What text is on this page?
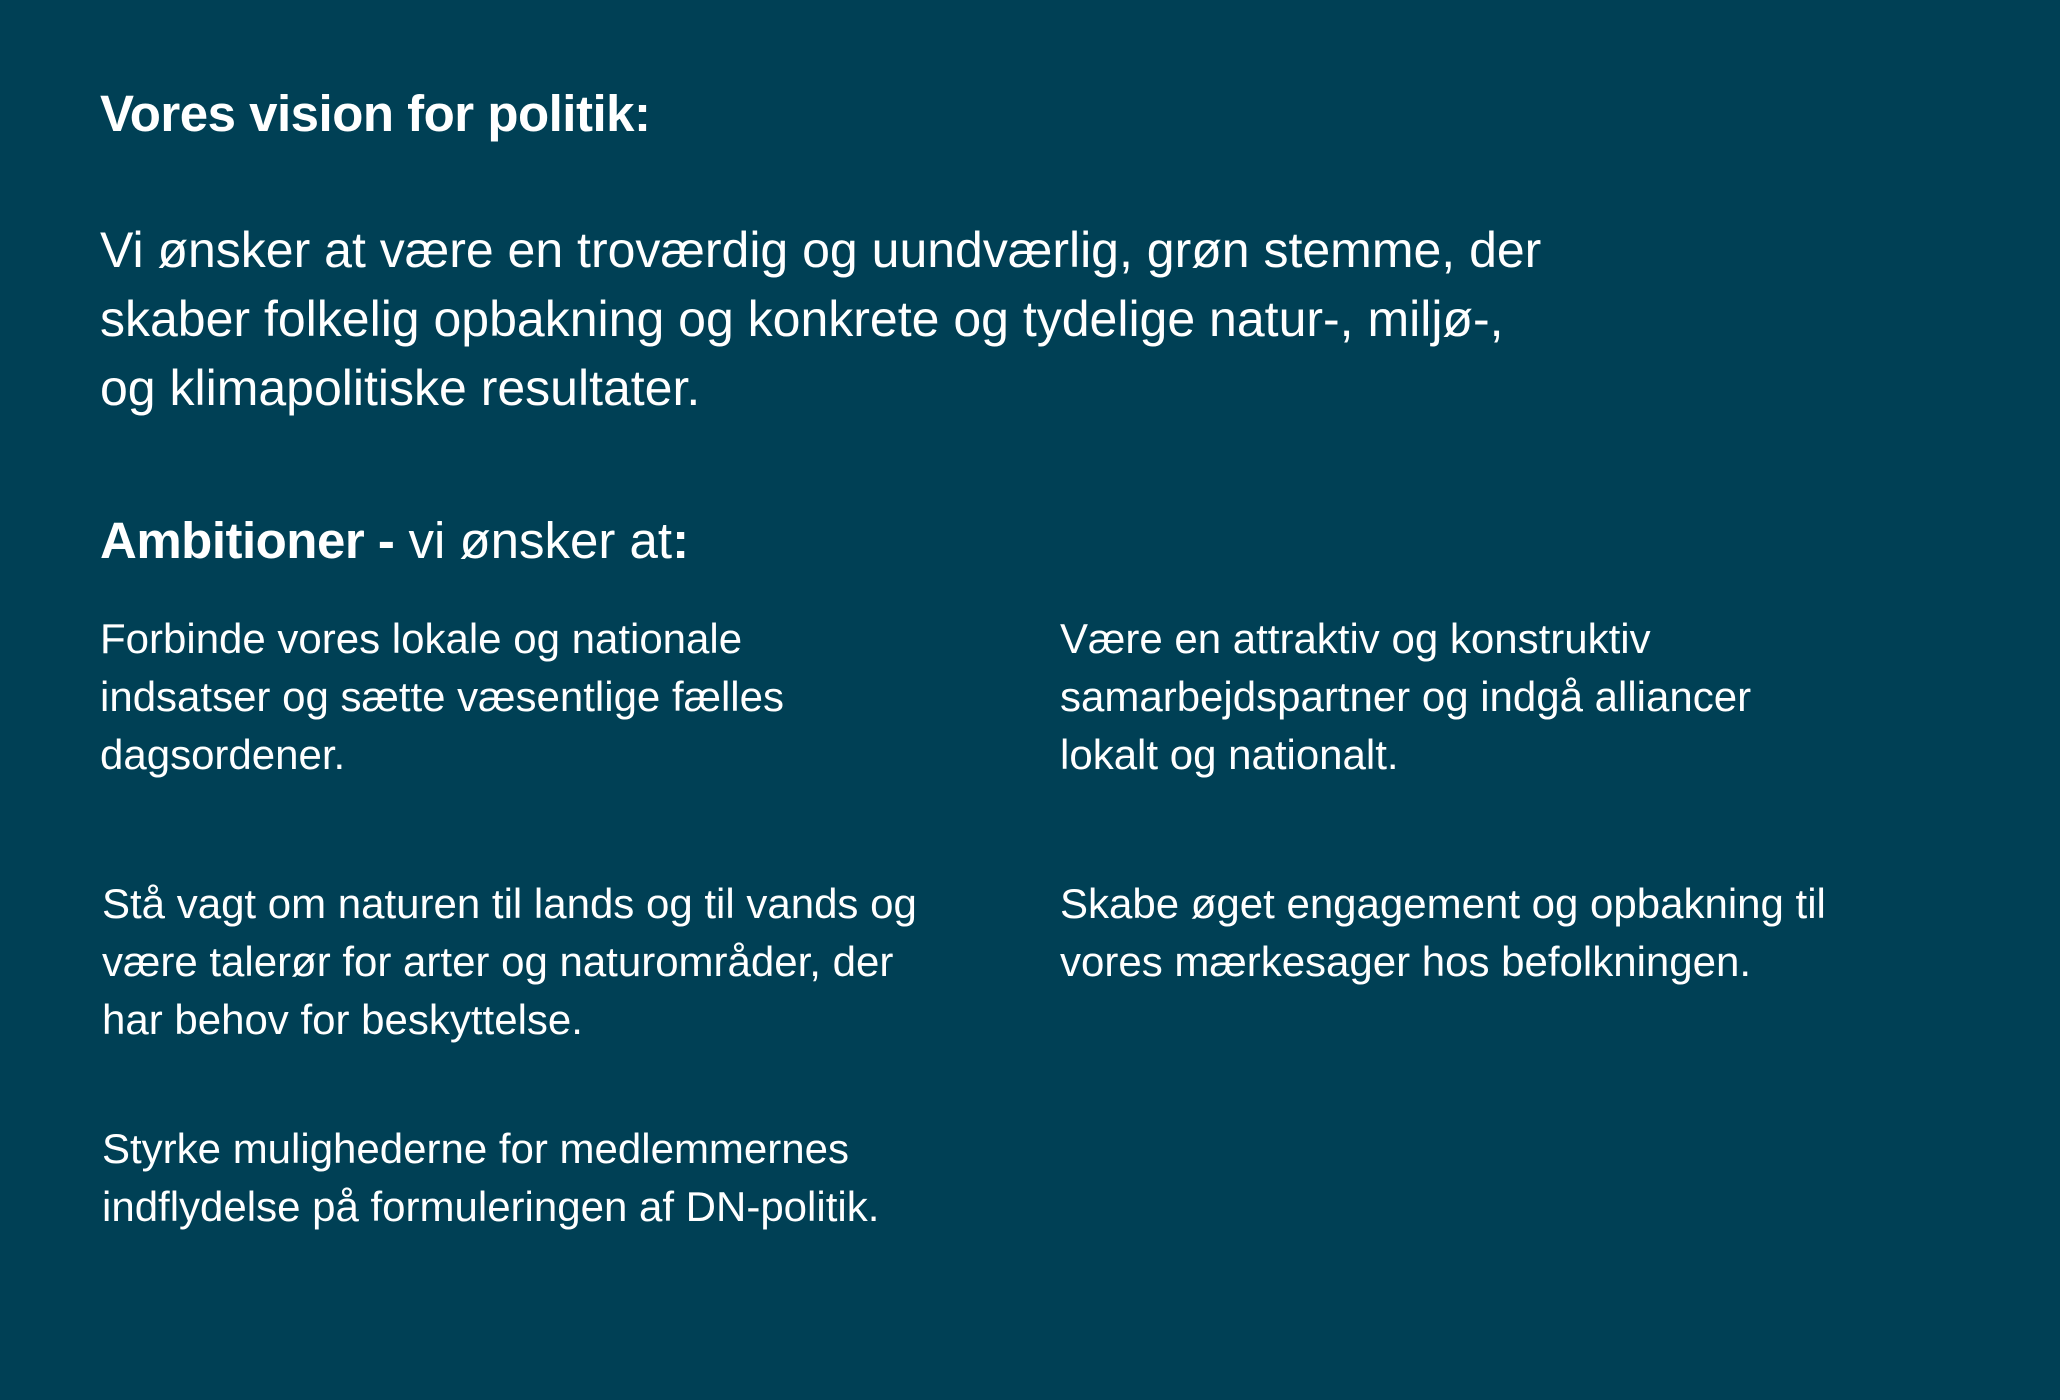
Vores vision for politik:

Vi ønsker at være en troværdig og uundværlig, grøn stemme, der
skaber folkelig opbakning og konkrete og tydelige natur-, miljø-,
og klimapolitiske resultater.

Ambitioner - vi ønsker at:

Forbinde vores lokale og nationale
indsatser og sætte væsentlige fælles
dagsordener.

Være en attraktiv og konstruktiv
samarbejdspartner og indgå alliancer
lokalt og nationalt.

Stå vagt om naturen til lands og til vands og
være talerør for arter og naturområder, der
har behov for beskyttelse.

Skabe øget engagement og opbakning til
vores mærkesager hos befolkningen.

Styrke mulighederne for medlemmernes
indflydelse på formuleringen af DN-politik.
